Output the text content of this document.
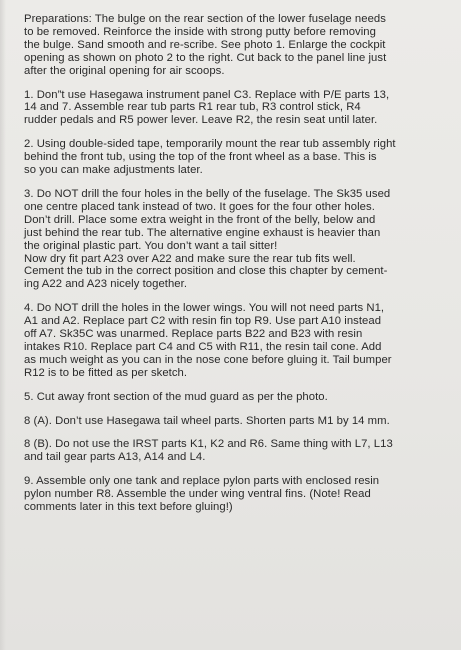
Preparations: The bulge on the rear section of the lower fuselage needs
to be removed. Reinforce the inside with strong putty before removing
the bulge. Sand smooth and re-scribe. See photo 1. Enlarge the cockpit
opening as shown on photo 2 to the right. Cut back to the panel line just
after the original opening for air scoops.

1. Don”t use Hasegawa instrument panel C3. Replace with P/E parts 13,
14 and 7. Assemble rear tub parts R1 rear tub, R3 control stick, R4
rudder pedals and R5 power lever. Leave R2, the resin seat until later.

2. Using double-sided tape, temporarily mount the rear tub assembly right
behind the front tub, using the top of the front wheel as a base. This is
so you can make adjustments later.

3. Do NOT drill the four holes in the belly of the fuselage. The Sk35 used
one centre placed tank instead of two. It goes for the four other holes.
Don’t drill. Place some extra weight in the front of the belly, below and
just behind the rear tub. The alternative engine exhaust is heavier than
the original plastic part. You don’t want a tail sitter!
Now dry fit part A23 over A22 and make sure the rear tub fits well.
Cement the tub in the correct position and close this chapter by cement-
ing A22 and A23 nicely together.

4. Do NOT drill the holes in the lower wings. You will not need parts N1,
A1 and A2. Replace part C2 with resin fin top R9. Use part A10 instead
off A7. Sk35C was unarmed. Replace parts B22 and B23 with resin
intakes R10. Replace part C4 and C5 with R11, the resin tail cone. Add
as much weight as you can in the nose cone before gluing it. Tail bumper
R12 is to be fitted as per sketch.

5. Cut away front section of the mud guard as per the photo.

8 (A). Don’t use Hasegawa tail wheel parts. Shorten parts M1 by 14 mm.

8 (B). Do not use the IRST parts K1, K2 and R6. Same thing with L7, L13
and tail gear parts A13, A14 and L4.

9. Assemble only one tank and replace pylon parts with enclosed resin
pylon number R8. Assemble the under wing ventral fins. (Note! Read
comments later in this text before gluing!)
